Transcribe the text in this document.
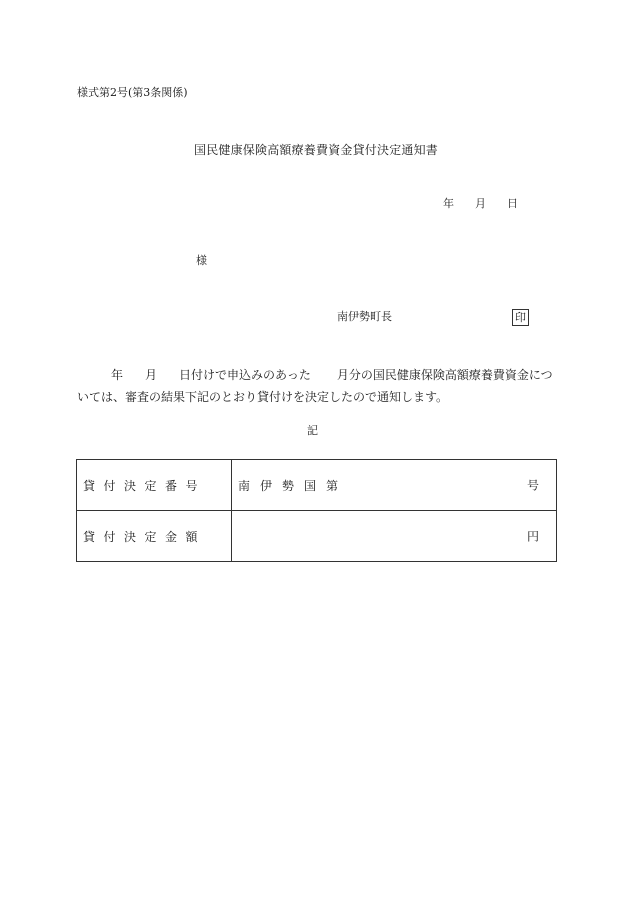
様式第2号(第3条関係)
国民健康保険高額療養費資金貸付決定通知書
年 月 日
様
南伊勢町長	印
年 月 日付けで申込みのあった 月分の国民健康保険高額療養費資金については、審査の結果下記のとおり貸付けを決定したので通知します。
記
貸付決定番号	南伊勢国第 号

貸付決定金額	円
